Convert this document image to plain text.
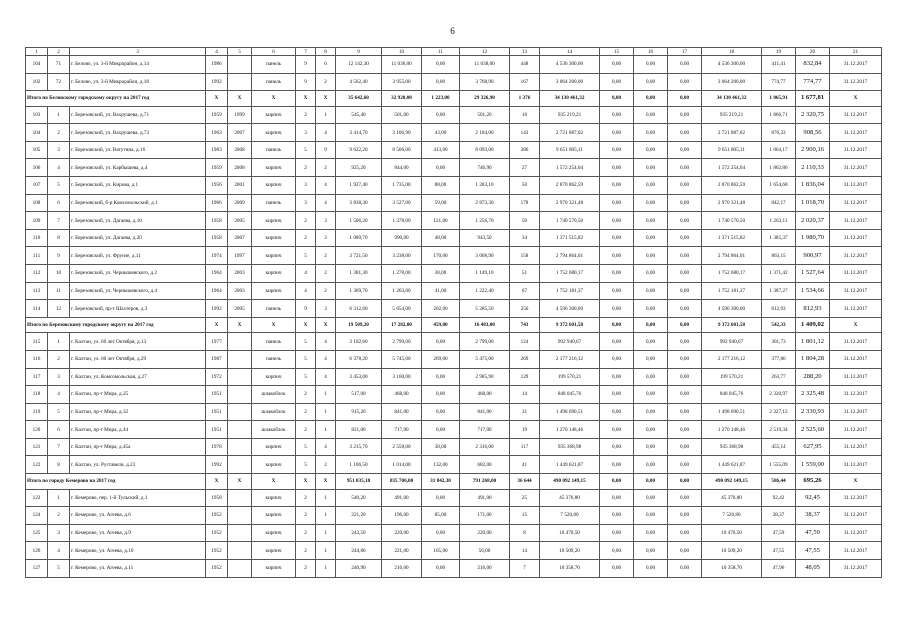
6
1	2	3	4	5	6	7	8	9	10	11	12	13	14	15	16	17	18	19	20	21
104	71	г. Белово, ул. 3-й Микрорайон, д.14	1986		панель	9	6	12 142,30	11 036,00	0,00	11 038,00	448	4 536 300,00	0,00	0,00	0,00	4 536 300,00	411,41	832,84	31.12.2017
102	72	г. Белово, ул. 3-й Микрорайон, д.18	1992		панель	9	2	4 562,40	3 955,00	0,00	3 768,90	167	3 064 200,00	0,00	0,00	0,00	3 064 200,00	774,77	774,77	31.12.2017
Итого по Беловскому городскому округу на 2017 год			X	X	X	X	X	35 642,60	32 920,00	1 223,00	29 326,90	1 376	34 130 461,32	0,00	0,00	0,00	34 130 461,32	1 065,91	1 677,81	X
103	1	г. Березовский, ул. Вахрушева, д.71	1959	1999	кирпич	2	1	545,40	501,00	0,00	501,20	16	935 219,21	0,00	0,00	0,00	935 219,21	1 866,71	2 320,75	31.12.2017
104	2	г. Березовский, ул. Вахрушева, д.73	1963	2007	кирпич	3	4	3 414,70	3 106,90	43,00	2 184,00	143	2 721 887,02	0,00	0,00	0,00	2 721 887,02	876,33	908,56	31.12.2017
105	3	г. Березовский, ул. Ватутина, д.16	1983	2008	панель	5	9	9 622,20	8 506,00	413,00	8 093,00	386	9 651 805,11	0,00	0,00	0,00	9 651 805,11	1 064,17	2 900,16	31.12.2017
106	4	г. Березовский, ул. Карбышева, д.4	1959	2008	кирпич	2	2	925,20	844,00	0,00	746,90	27	1 572 254,04	0,00	0,00	0,00	1 572 254,04	1 862,86	2 110,33	31.12.2017
107	5	г. Березовский, ул. Кирова, д.1	1956	2001	кирпич	3	4	1 927,40	1 735,00	88,00	1 283,10	50	2 870 862,59	0,00	0,00	0,00	2 870 862,59	1 654,68	1 836,04	31.12.2017
108	6	г. Березовский, б-р Комсомольский, д.1	1966	2009	панель	3	4	3 838,30	3 527,00	59,00	2 873,30	178	2 970 321,48	0,00	0,00	0,00	2 970 321,48	842,17	1 018,70	31.12.2017
109	7	г. Березовский, ул. Дагаева, д.10	1958	2005	кирпич	2	3	1 506,20	1 378,00	121,00	1 256,70	50	1 740 570,50	0,00	0,00	0,00	1 740 570,50	1 263,11	2 020,37	31.12.2017
110	8	г. Березовский, ул. Дагаева, д.20	1958	2007	кирпич	2	3	1 080,70	990,00	48,00	943,50	34	1 371 515,82	0,00	0,00	0,00	1 371 515,82	1 385,37	1 980,70	31.12.2017
111	9	г. Березовский, ул. Фрунзе, д.11	1974	1997	кирпич	5	2	3 721,50	3 238,00	170,00	3 068,90	158	2 794 864,01	0,00	0,00	0,00	2 794 864,01	863,15	900,97	31.12.2017
112	10	г. Березовский, ул. Чернышевского, д.2	1964	2003	кирпич	4	2	1 381,30	1 278,00	38,00	1 149,10	51	1 752 680,17	0,00	0,00	0,00	1 752 680,17	1 371,42	1 527,64	31.12.2017
113	11	г. Березовский, ул. Чернышевского, д.4	1964	2003	кирпич	4	2	1 369,70	1 263,00	41,00	1 222,40	67	1 752 181,37	0,00	0,00	0,00	1 752 181,37	1 387,27	1 534,66	31.12.2017
114	12	г. Березовский, пр-т Шахтеров, д.3	1992	2005	панель	9	3	6 312,60	5 654,00	202,00	5 285,50	256	4 596 300,00	0,00	0,00	0,00	4 596 300,00	812,93	812,93	31.12.2017
Итого по Березовскому городскому округу на 2017 год			X	X	X	X	X	19 509,20	17 282,00	459,00	16 483,00	743	9 372 601,58	0,00	0,00	0,00	9 372 601,58	542,33	1 409,02	X
115	1	г. Калтан, ул. 60 лет Октября, д.13	1977		панель	5	4	3 102,60	2 799,00	0,00	2 799,00	124	992 940,67	0,00	0,00	0,00	992 940,67	301,73	1 801,12	31.12.2017
116	2	г. Калтан, ул. 60 лет Октября, д.29	1987		панель	5	4	6 378,20	5 745,00	269,00	5 475,00	269	2 177 216,12	0,00	0,00	0,00	2 177 216,12	377,86	1 804,28	31.12.2017
117	3	г. Калтан, ул. Комсомольская, д.27	1972		кирпич	5	4	3 453,00	3 160,00	0,00	2 985,90	129	199 570,21	0,00	0,00	0,00	199 570,21	263,77	288,20	31.12.2017
118	4	г. Калтан, пр-т Мира, д.25	1951		шлакоблок	2	1	517,00	468,00	0,00	468,00	14	848 045,76	0,00	0,00	0,00	848 045,76	2 320,97	2 325,48	31.12.2017
119	5	г. Калтан, пр-т Мира, д.32	1951		шлакоблок	2	1	915,20	841,00	0,00	841,00	31	1 498 690,51	0,00	0,00	0,00	1 498 690,51	2 327,12	2 330,93	31.12.2017
120	6	г. Калтан, пр-т Мира, д.44	1951		шлакоблок	2	1	821,00	717,00	0,00	717,00	19	1 270 148,46	0,00	0,00	0,00	1 270 148,46	2 519,34	2 525,60	31.12.2017
121	7	г. Калтан, пр-т Мира, д.45а	1978		кирпич	5	4	3 215,70	2 558,00	38,00	2 316,00	117	935 368,98	0,00	0,00	0,00	935 368,98	455,14	627,95	31.12.2017
122	8	г. Калтан, ул. Руставели, д.23	1992		кирпич	5	2	1 106,50	1 014,00	132,00	682,00	41	1 449 621,87	0,00	0,00	0,00	1 449 621,87	1 555,09	1 559,00	31.12.2017
Итого по городу Кемерово на 2017 год			X	X	X	X	X	951 035,10	835 706,00	31 842,30	791 268,00	36 644	490 092 149,15	0,00	0,00	0,00	490 092 149,15	586,44	695,26	X
123	1	г. Кемерово, пер. 1-й Тульский, д.1	1958		кирпич	2	1	540,20	491,00	0,00	491,00	25	45 376,80	0,00	0,00	0,00	45 376,80	92,42	92,45	31.12.2017
124	2	г. Кемерово, ул. Агеева, д.6	1952		кирпич	2	1	221,20	196,00	85,00	171,00	15	7 520,80	0,00	0,00	0,00	7 520,80	38,37	38,37	31.12.2017
125	3	г. Кемерово, ул. Агеева, д.9	1952		кирпич	2	1	243,50	220,00	0,00	220,00	8	10 470,50	0,00	0,00	0,00	10 470,50	47,59	47,59	31.12.2017
126	4	г. Кемерово, ул. Агеева, д.10	1952		кирпич	2	1	244,80	221,00	165,00	56,00	14	10 509,20	0,00	0,00	0,00	10 509,20	47,55	47,55	31.12.2017
127	5	г. Кемерово, ул. Агеева, д.11	1952		кирпич	2	1	240,90	216,00	0,00	216,00	7	10 358,70	0,00	0,00	0,00	10 358,70	47,96	48,05	31.12.2017
